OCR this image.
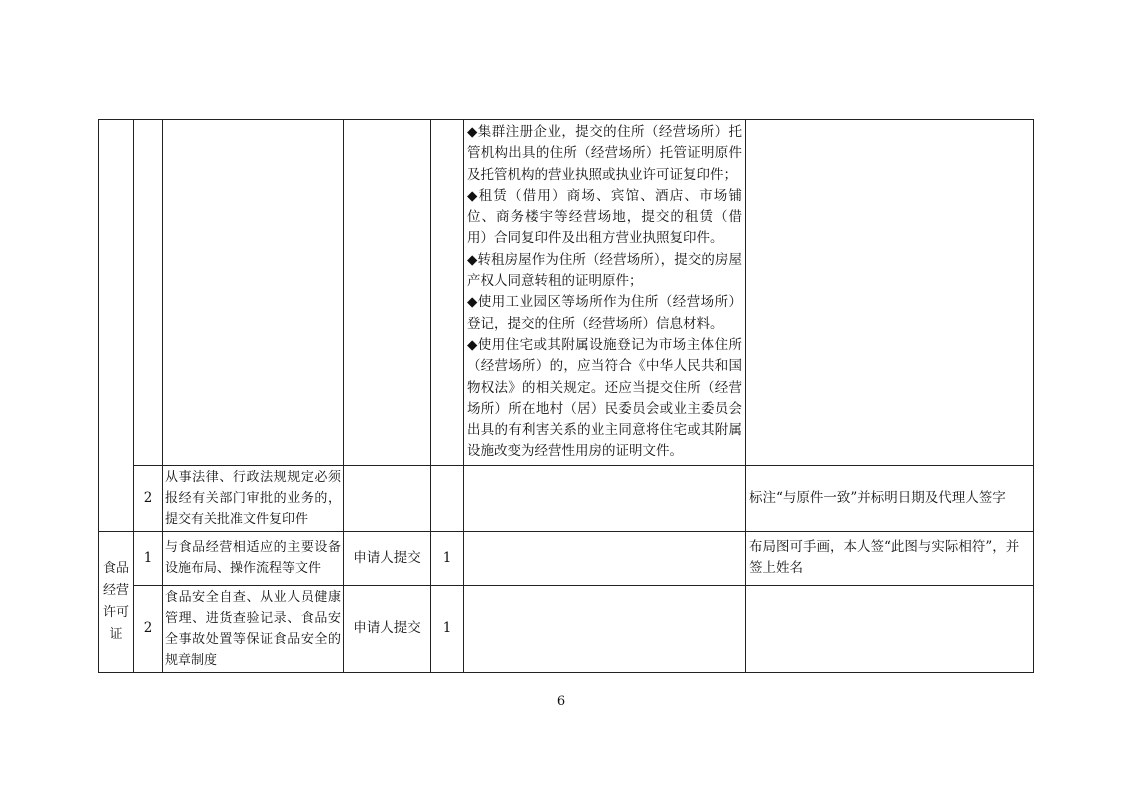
					◆集群注册企业，提交的住所（经营场所）托管机构出具的住所（经营场所）托管证明原件及托管机构的营业执照或执业许可证复印件；

◆租赁（借用）商场、宾馆、酒店、市场铺位、商务楼宇等经营场地，提交的租赁（借用）合同复印件及出租方营业执照复印件。

◆转租房屋作为住所（经营场所），提交的房屋产权人同意转租的证明原件；

◆使用工业园区等场所作为住所（经营场所）登记，提交的住所（经营场所）信息材料。

◆使用住宅或其附属设施登记为市场主体住所（经营场所）的，应当符合《中华人民共和国物权法》的相关规定。还应当提交住所（经营场所）所在地村（居）民委员会或业主委员会出具的有利害关系的业主同意将住宅或其附属设施改变为经营性用房的证明文件。	

	2	从事法律、行政法规规定必须报经有关部门审批的业务的，提交有关批准文件复印件				标注“与原件一致”并标明日期及代理人签字
食品经营许可证	1	与食品经营相适应的主要设备设施布局、操作流程等文件	申请人提交	1		布局图可手画，本人签“此图与实际相符”，并签上姓名
	2	食品安全自查、从业人员健康管理、进货查验记录、食品安全事故处置等保证食品安全的规章制度	申请人提交	1		
6
